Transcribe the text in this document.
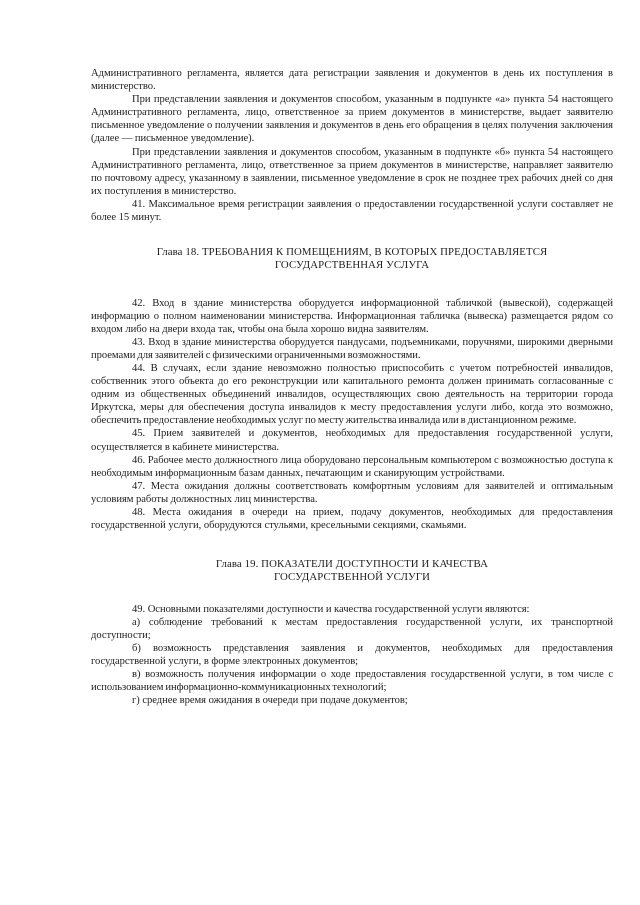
Административного регламента, является дата регистрации заявления и документов в день их поступления в министерство.

При представлении заявления и документов способом, указанным в подпункте «а» пункта 54 настоящего Административного регламента, лицо, ответственное за прием документов в министерстве, выдает заявителю письменное уведомление о получении заявления и документов в день его обращения в целях получения заключения (далее — письменное уведомление).

При представлении заявления и документов способом, указанным в подпункте «б» пункта 54 настоящего Административного регламента, лицо, ответственное за прием документов в министерстве, направляет заявителю по почтовому адресу, указанному в заявлении, письменное уведомление в срок не позднее трех рабочих дней со дня их поступления в министерство.

41. Максимальное время регистрации заявления о предоставлении государственной услуги составляет не более 15 минут.

Глава 18. ТРЕБОВАНИЯ К ПОМЕЩЕНИЯМ, В КОТОРЫХ ПРЕДОСТАВЛЯЕТСЯ
ГОСУДАРСТВЕННАЯ УСЛУГА

42. Вход в здание министерства оборудуется информационной табличкой (вывеской), содержащей информацию о полном наименовании министерства. Информационная табличка (вывеска) размещается рядом со входом либо на двери входа так, чтобы она была хорошо видна заявителям.

43. Вход в здание министерства оборудуется пандусами, подъемниками, поручнями, широкими дверными проемами для заявителей с физическими ограниченными возможностями.

44. В случаях, если здание невозможно полностью приспособить с учетом потребностей инвалидов, собственник этого объекта до его реконструкции или капитального ремонта должен принимать согласованные с одним из общественных объединений инвалидов, осуществляющих свою деятельность на территории города Иркутска, меры для обеспечения доступа инвалидов к месту предоставления услуги либо, когда это возможно, обеспечить предоставление необходимых услуг по месту жительства инвалида или в дистанционном режиме.

45. Прием заявителей и документов, необходимых для предоставления государственной услуги, осуществляется в кабинете министерства.

46. Рабочее место должностного лица оборудовано персональным компьютером с возможностью доступа к необходимым информационным базам данных, печатающим и сканирующим устройствами.

47. Места ожидания должны соответствовать комфортным условиям для заявителей и оптимальным условиям работы должностных лиц министерства.

48. Места ожидания в очереди на прием, подачу документов, необходимых для предоставления государственной услуги, оборудуются стульями, кресельными секциями, скамьями.

Глава 19. ПОКАЗАТЕЛИ ДОСТУПНОСТИ И КАЧЕСТВА
ГОСУДАРСТВЕННОЙ УСЛУГИ

49. Основными показателями доступности и качества государственной услуги являются:

а) соблюдение требований к местам предоставления государственной услуги, их транспортной доступности;

б) возможность представления заявления и документов, необходимых для предоставления государственной услуги, в форме электронных документов;

в) возможность получения информации о ходе предоставления государственной услуги, в том числе с использованием информационно-коммуникационных технологий;

г) среднее время ожидания в очереди при подаче документов;
